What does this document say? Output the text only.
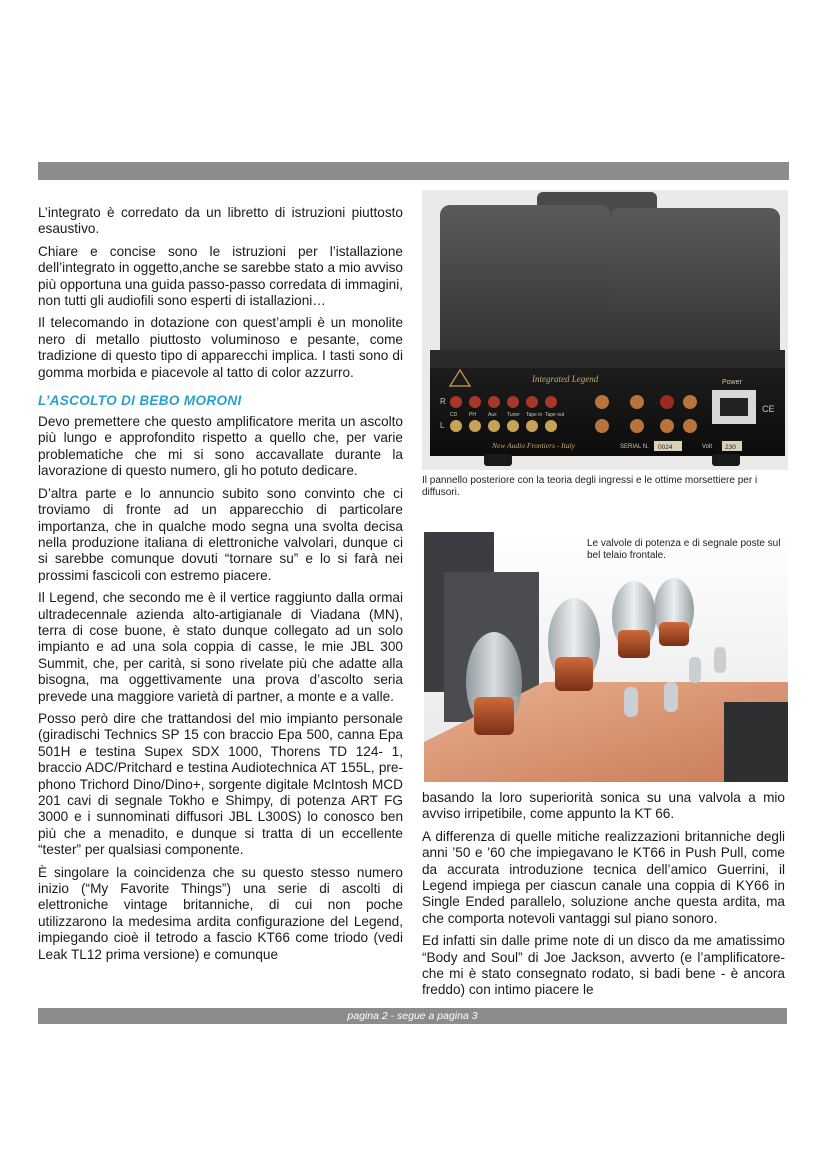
L’integrato è corredato da un libretto di istruzioni piuttosto esaustivo.

Chiare e concise sono le istruzioni per l’istallazione dell’integrato in oggetto,anche se sarebbe stato a mio avviso più opportuna una guida passo-passo corredata di immagini, non tutti gli audiofili sono esperti di istallazioni…

Il telecomando in dotazione con quest’ampli è un monolite nero di metallo piuttosto voluminoso e pesante, come tradizione di questo tipo di apparecchi implica. I tasti sono di gomma morbida e piacevole al tatto di color azzurro.

L’ASCOLTO DI BEBO MORONI

Devo premettere che questo amplificatore merita un ascolto più lungo e approfondito rispetto a quello che, per varie problematiche che mi si sono accavallate durante la lavorazione di questo numero, gli ho potuto dedicare.

D’altra parte e lo annuncio subito sono convinto che ci troviamo di fronte ad un apparecchio di particolare importanza, che in qualche modo segna una svolta decisa nella produzione italiana di elettroniche valvolari, dunque ci si sarebbe comunque dovuti “tornare su” e lo si farà nei prossimi fascicoli con estremo piacere.

Il Legend, che secondo me è il vertice raggiunto dalla ormai ultradecennale azienda alto-artigianale di Viadana (MN), terra di cose buone, è stato dunque collegato ad un solo impianto e ad una sola coppia di casse, le mie JBL 300 Summit, che, per carità, si sono rivelate più che adatte alla bisogna, ma oggettivamente una prova d’ascolto seria prevede una maggiore varietà di partner, a monte e a valle.

Posso però dire che trattandosi del mio impianto personale (giradischi Technics SP 15 con braccio Epa 500, canna Epa 501H e testina Supex SDX 1000, Thorens TD 124- 1, braccio ADC/Pritchard e testina Audiotechnica AT 155L, pre-phono Trichord Dino/Dino+, sorgente digitale McIntosh MCD 201 cavi di segnale Tokho e Shimpy, di potenza ART FG 3000 e i sunnominati diffusori JBL L300S) lo conosco ben più che a menadito, e dunque si tratta di un eccellente “tester” per qualsiasi componente.

È singolare la coincidenza che su questo stesso numero inizio (“My Favorite Things”) una serie di ascolti di elettroniche vintage britanniche, di cui non poche utilizzarono la medesima ardita configurazione del Legend, impiegando cioè il tetrodo a fascio KT66 come triodo (vedi Leak TL12 prima versione) e comunque

Integrated Legend
R
L
CD PH Aux Tuner Tape in Tape out
Power
CE
New Audio Frontiers - Italy	SERIAL N. 0024	Volt 230
Il pannello posteriore con la teoria degli ingressi e le ottime morsettiere per i diffusori.
Le valvole di potenza e di segnale poste sul bel telaio frontale.

basando la loro superiorità sonica su una valvola a mio avviso irripetibile, come appunto la KT 66.

A differenza di quelle mitiche realizzazioni britanniche degli anni ’50 e ’60 che impiegavano le KT66 in Push Pull, come da accurata introduzione tecnica dell’amico Guerrini, il Legend impiega per ciascun canale una coppia di KY66 in Single Ended parallelo, soluzione anche questa ardita, ma che comporta notevoli vantaggi sul piano sonoro.

Ed infatti sin dalle prime note di un disco da me amatissimo “Body and Soul” di Joe Jackson, avverto (e l’amplificatore- che mi è stato consegnato rodato, si badi bene - è ancora freddo) con intimo piacere le

pagina 2 - segue a pagina 3
